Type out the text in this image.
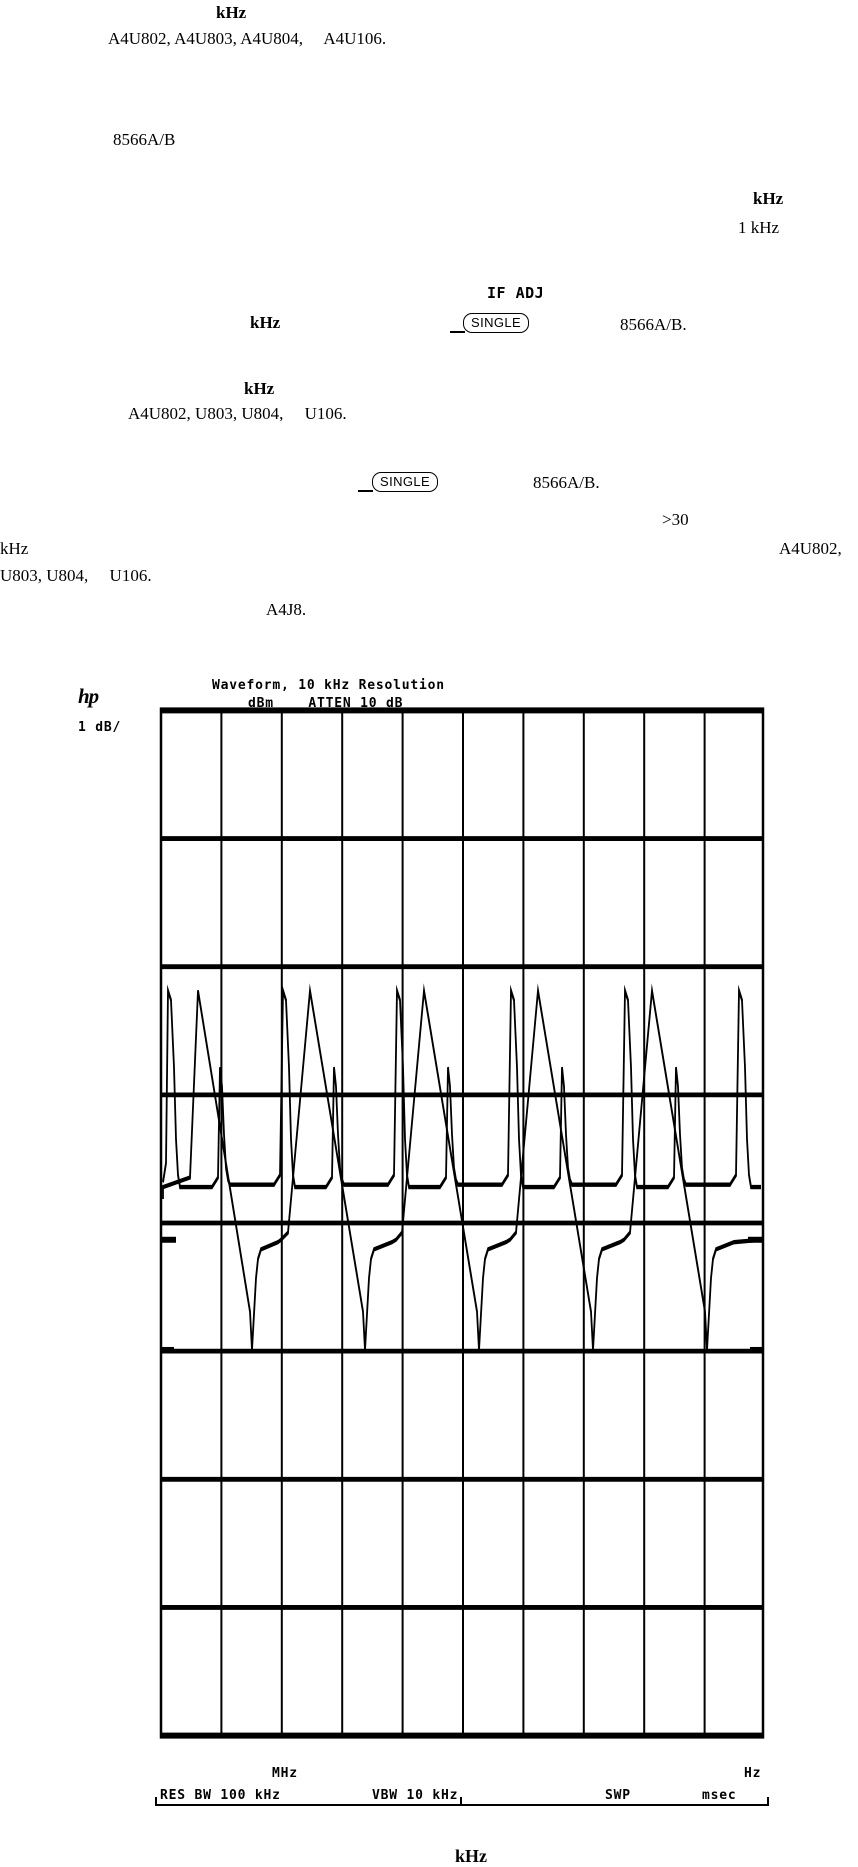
kHz
A4U802, A4U803, A4U804,     A4U106.
8566A/B
kHz
1 kHz
IF ADJ
kHz	8566A/B.
kHz
A4U802, U803, U804,     U106.
8566A/B.
>30
kHz	A4U802,
U803, U804,     U106.
A4J8.
SINGLE
SINGLE
hp
1 dB/
Waveform, 10 kHz Resolution
dBm    ATTEN 10 dB
MHz	Hz
RES BW 100 kHz	VBW 10 kHz	SWP	msec
kHz
